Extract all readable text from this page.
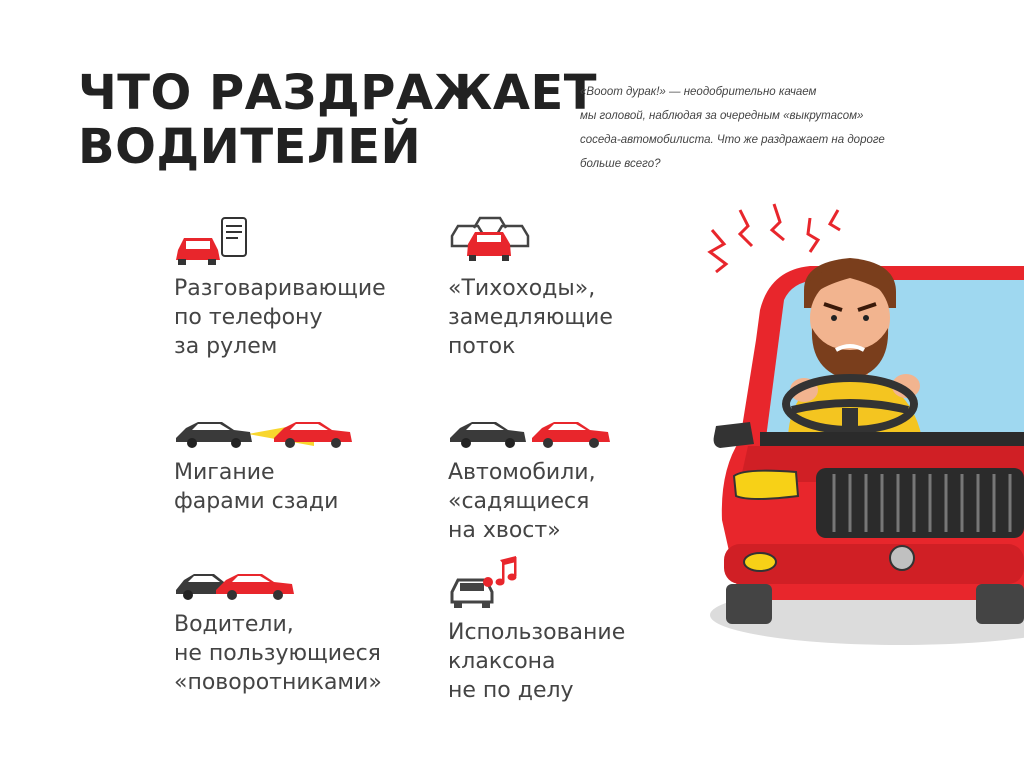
ЧТО РАЗДРАЖАЕТ
ВОДИТЕЛЕЙ
«Вооот дурак!» — неодобрительно качаем
мы головой, наблюдая за очередным «выкрутасом»
соседа-автомобилиста. Что же раздражает на дороге
больше всего?
Разговаривающие
по телефону
за рулем
«Тихоходы»,
замедляющие
поток
Мигание
фарами сзади
Автомобили,
«садящиеся
на хвост»
Водители,
не пользующиеся
«поворотниками»
Использование
клаксона
не по делу
